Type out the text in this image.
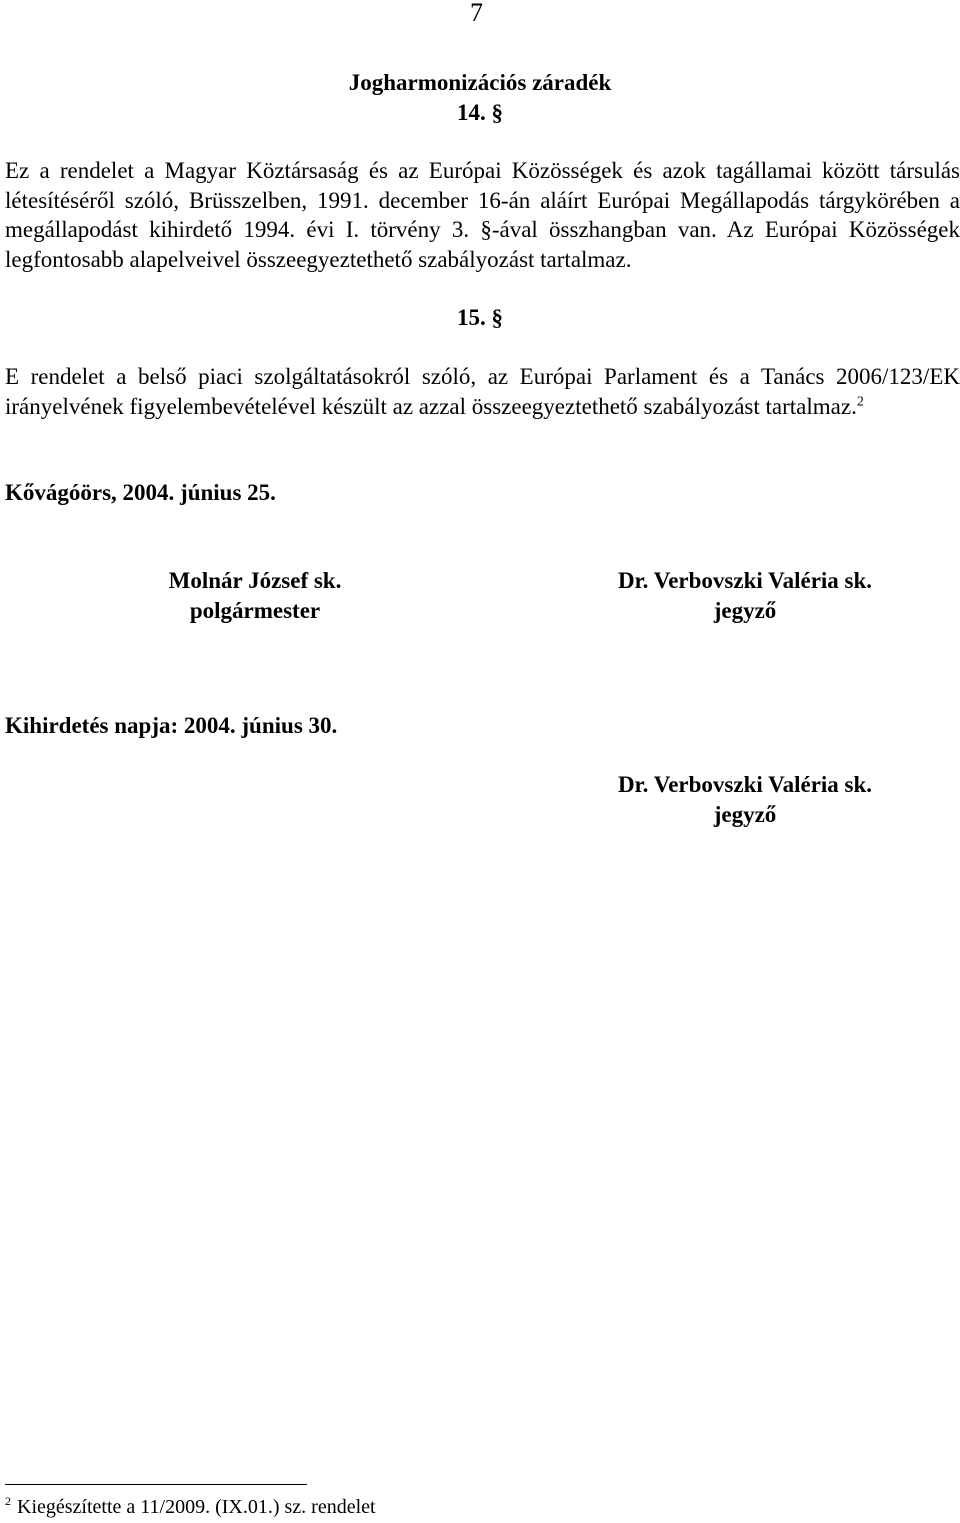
7
Jogharmonizációs záradék
14. §

Ez a rendelet a Magyar Köztársaság és az Európai Közösségek és azok tagállamai között társulás létesítéséről szóló, Brüsszelben, 1991. december 16-án aláírt Európai Megállapodás tárgykörében a megállapodást kihirdető 1994. évi I. törvény 3. §-ával összhangban van. Az Európai Közösségek legfontosabb alapelveivel összeegyeztethető szabályozást tartalmaz.

15. §

E rendelet a belső piaci szolgáltatásokról szóló, az Európai Parlament és a Tanács 2006/123/EK irányelvének figyelembevételével készült az azzal összeegyeztethető szabályozást tartalmaz.$^2$

Kővágóörs, 2004. június 25.
Molnár József sk.
polgármester
Dr. Verbovszki Valéria sk.
jegyző
Kihirdetés napja: 2004. június 30.
Dr. Verbovszki Valéria sk.
jegyző
$^2$ Kiegészítette a 11/2009. (IX.01.) sz. rendelet
